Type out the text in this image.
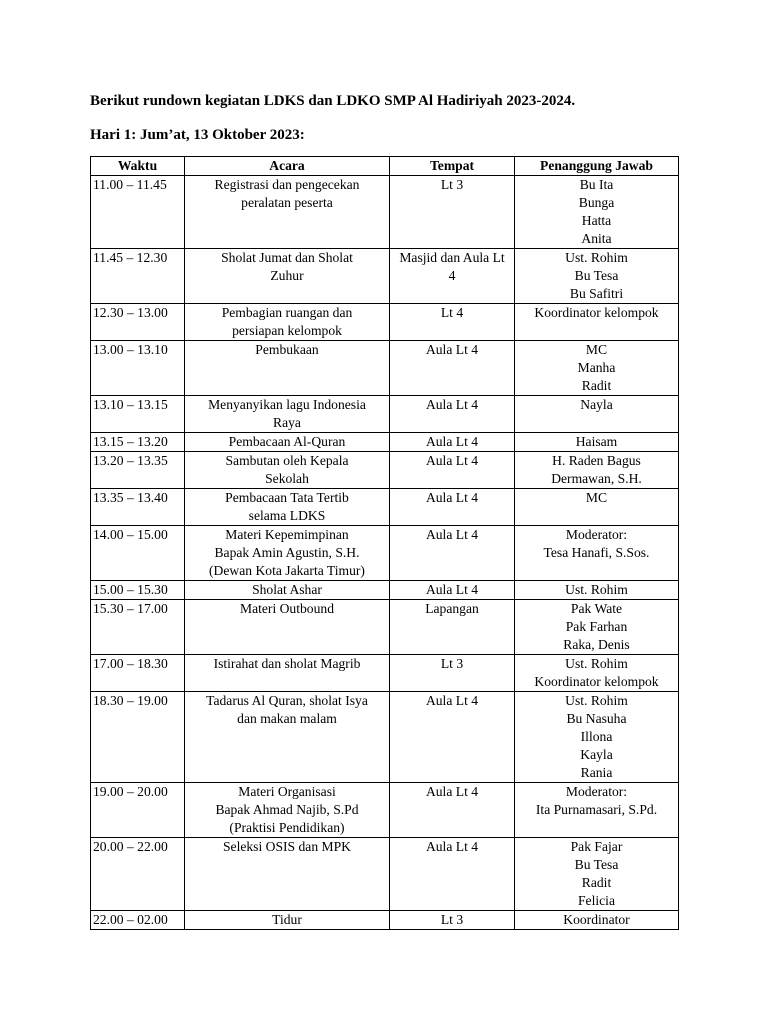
Berikut rundown kegiatan LDKS dan LDKO SMP Al Hadiriyah 2023-2024.

Hari 1: Jum’at, 13 Oktober 2023:

Waktu	Acara	Tempat	Penanggung Jawab
11.00 – 11.45	Registrasi dan pengecekan
peralatan peserta	Lt 3	Bu Ita
Bunga
Hatta
Anita

11.45 – 12.30	Sholat Jumat dan Sholat
Zuhur	Masjid dan Aula Lt
4	Ust. Rohim
Bu Tesa
Bu Safitri

12.30 – 13.00	Pembagian ruangan dan
persiapan kelompok	Lt 4	Koordinator kelompok

13.00 – 13.10	Pembukaan	Aula Lt 4	MC
Manha
Radit

13.10 – 13.15	Menyanyikan lagu Indonesia
Raya	Aula Lt 4	Nayla

13.15 – 13.20	Pembacaan Al-Quran	Aula Lt 4	Haisam

13.20 – 13.35	Sambutan oleh Kepala
Sekolah	Aula Lt 4	H. Raden Bagus
Dermawan, S.H.

13.35 – 13.40	Pembacaan Tata Tertib
selama LDKS	Aula Lt 4	MC

14.00 – 15.00	Materi Kepemimpinan
Bapak Amin Agustin, S.H.
(Dewan Kota Jakarta Timur)	Aula Lt 4	Moderator:
Tesa Hanafi, S.Sos.

15.00 – 15.30	Sholat Ashar	Aula Lt 4	Ust. Rohim

15.30 – 17.00	Materi Outbound	Lapangan	Pak Wate
Pak Farhan
Raka, Denis

17.00 – 18.30	Istirahat dan sholat Magrib	Lt 3	Ust. Rohim
Koordinator kelompok

18.30 – 19.00	Tadarus Al Quran, sholat Isya
dan makan malam	Aula Lt 4	Ust. Rohim
Bu Nasuha
Illona
Kayla
Rania

19.00 – 20.00	Materi Organisasi
Bapak Ahmad Najib, S.Pd
(Praktisi Pendidikan)	Aula Lt 4	Moderator:
Ita Purnamasari, S.Pd.

20.00 – 22.00	Seleksi OSIS dan MPK	Aula Lt 4	Pak Fajar
Bu Tesa
Radit
Felicia

22.00 – 02.00	Tidur	Lt 3	Koordinator
